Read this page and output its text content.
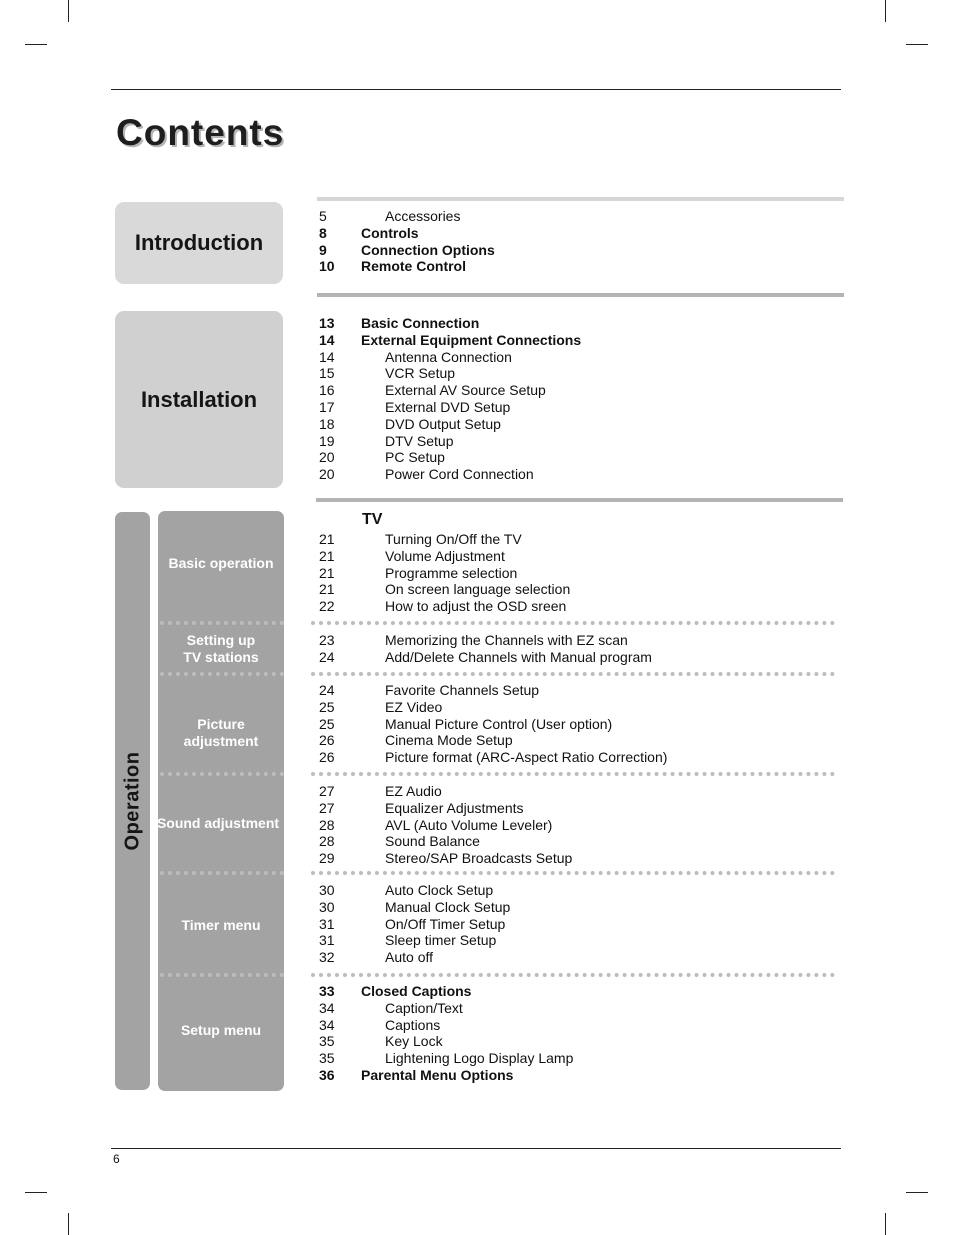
Contents
Introduction
5	Accessories
8 Controls
9 Connection Options
10 Remote Control
Installation
13 Basic Connection
14 External Equipment Connections
14	Antenna Connection
15	VCR Setup
16	External AV Source Setup
17	External DVD Setup
18	DVD Output Setup
19	DTV Setup
20	PC Setup
20	Power Cord Connection
Operation
Basic operation
Setting up
TV stations
Picture adjustment
Sound adjustment
Timer menu
Setup menu
TV
21	Turning On/Off the TV
21	Volume Adjustment
21	Programme selection
21	On screen language selection
22	How to adjust the OSD sreen
23	Memorizing the Channels with EZ scan
24	Add/Delete Channels with Manual program
24	Favorite Channels Setup
25	EZ Video
25	Manual Picture Control (User option)
26	Cinema Mode Setup
26	Picture format (ARC-Aspect Ratio Correction)
27	EZ Audio
27	Equalizer Adjustments
28	AVL (Auto Volume Leveler)
28	Sound Balance
29	Stereo/SAP Broadcasts Setup
30	Auto Clock Setup
30	Manual Clock Setup
31	On/Off Timer Setup
31	Sleep timer Setup
32	Auto off
33 Closed Captions
34	Caption/Text
34	Captions
35	Key Lock
35	Lightening Logo Display Lamp
36 Parental Menu Options
6
